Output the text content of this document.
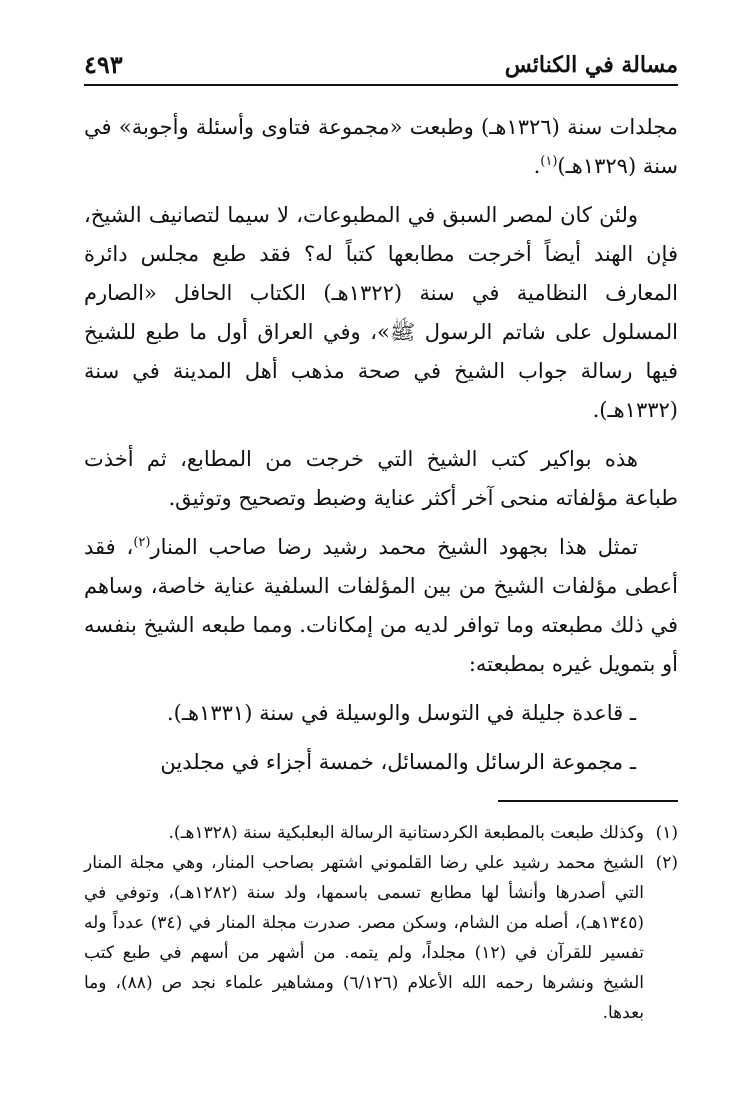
مسالة في الكنائس
٤٩٣

مجلدات سنة (١٣٢٦هـ) وطبعت «مجموعة فتاوى وأسئلة وأجوبة» في سنة (١٣٢٩هـ)$^{(١)}$.

ولئن كان لمصر السبق في المطبوعات، لا سيما لتصانيف الشيخ، فإن الهند أيضاً أخرجت مطابعها كتباً له؟ فقد طبع مجلس دائرة المعارف النظامية في سنة (١٣٢٢هـ) الكتاب الحافل «الصارم المسلول على شاتم الرسول ﷺ»، وفي العراق أول ما طبع للشيخ فيها رسالة جواب الشيخ في صحة مذهب أهل المدينة في سنة (١٣٣٢هـ).

هذه بواكير كتب الشيخ التي خرجت من المطابع، ثم أخذت طباعة مؤلفاته منحى آخر أكثر عناية وضبط وتصحيح وتوثيق.

تمثل هذا بجهود الشيخ محمد رشيد رضا صاحب المنار$^{(٢)}$، فقد أعطى مؤلفات الشيخ من بين المؤلفات السلفية عناية خاصة، وساهم في ذلك مطبعته وما توافر لديه من إمكانات. ومما طبعه الشيخ بنفسه أو بتمويل غيره بمطبعته:

ـ قاعدة جليلة في التوسل والوسيلة في سنة (١٣٣١هـ).

ـ مجموعة الرسائل والمسائل، خمسة أجزاء في مجلدين

(١)
وكذلك طبعت بالمطبعة الكردستانية الرسالة البعلبكية سنة (١٣٢٨هـ).

(٢)
الشيخ محمد رشيد علي رضا القلموني اشتهر بصاحب المنار، وهي مجلة المنار التي أصدرها وأنشأ لها مطابع تسمى باسمها، ولد سنة (١٢٨٢هـ)، وتوفي في (١٣٤٥هـ)، أصله من الشام، وسكن مصر. صدرت مجلة المنار في (٣٤) عدداً وله تفسير للقرآن في (١٢) مجلداً، ولم يتمه. من أشهر من أسهم في طبع كتب الشيخ ونشرها رحمه الله الأعلام (٦/١٢٦) ومشاهير علماء نجد ص (٨٨)، وما بعدها.
